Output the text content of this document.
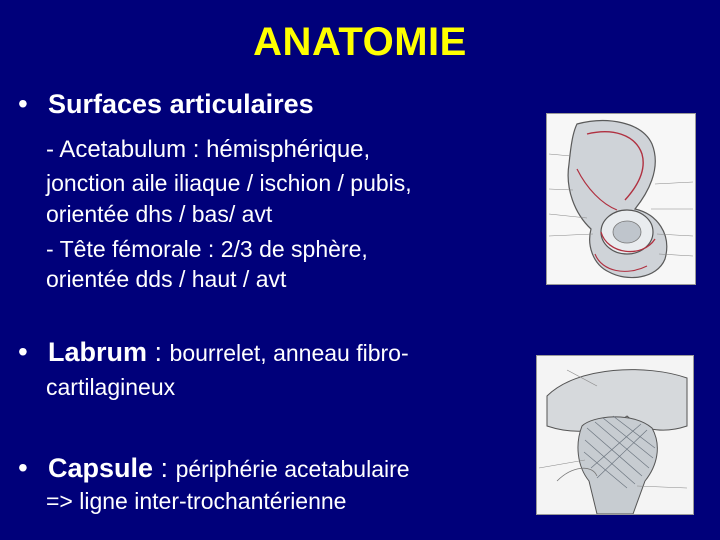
ANATOMIE
• Surfaces articulaires
- Acetabulum : hémisphérique,
jonction aile iliaque / ischion / pubis,
orientée dhs / bas/ avt
- Tête fémorale : 2/3 de sphère,
orientée dds / haut / avt
• Labrum : bourrelet, anneau fibro-
cartilagineux
• Capsule : périphérie acetabulaire
=> ligne inter-trochantérienne
